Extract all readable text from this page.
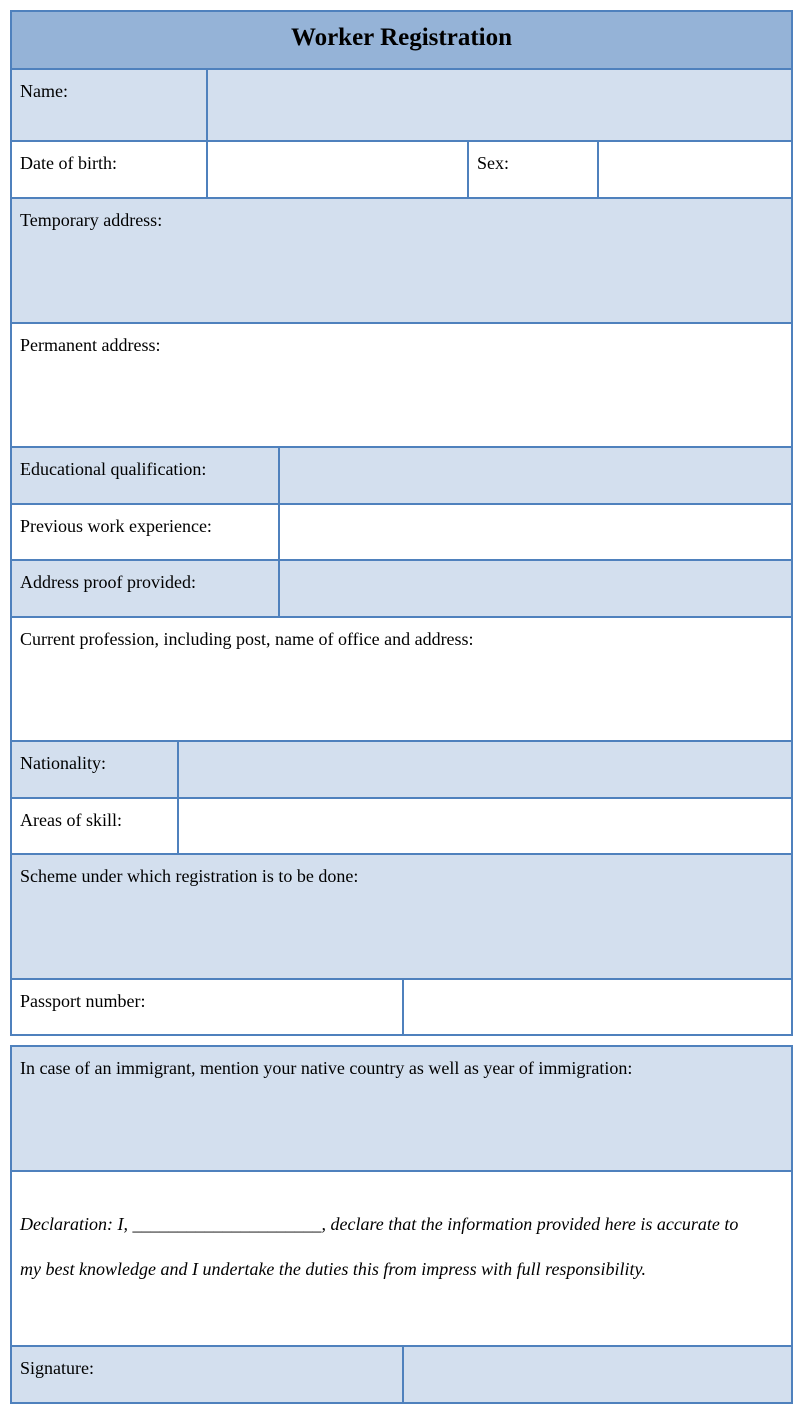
Worker Registration
Name:
Date of birth:	Sex:
Temporary address:
Permanent address:
Educational qualification:
Previous work experience:
Address proof provided:
Current profession, including post, name of office and address:
Nationality:
Areas of skill:
Scheme under which registration is to be done:
Passport number:
In case of an immigrant, mention your native country as well as year of immigration:
Declaration: I, _____________________, declare that the information provided here is accurate to my best knowledge and I undertake the duties this from impress with full responsibility.
Signature:
